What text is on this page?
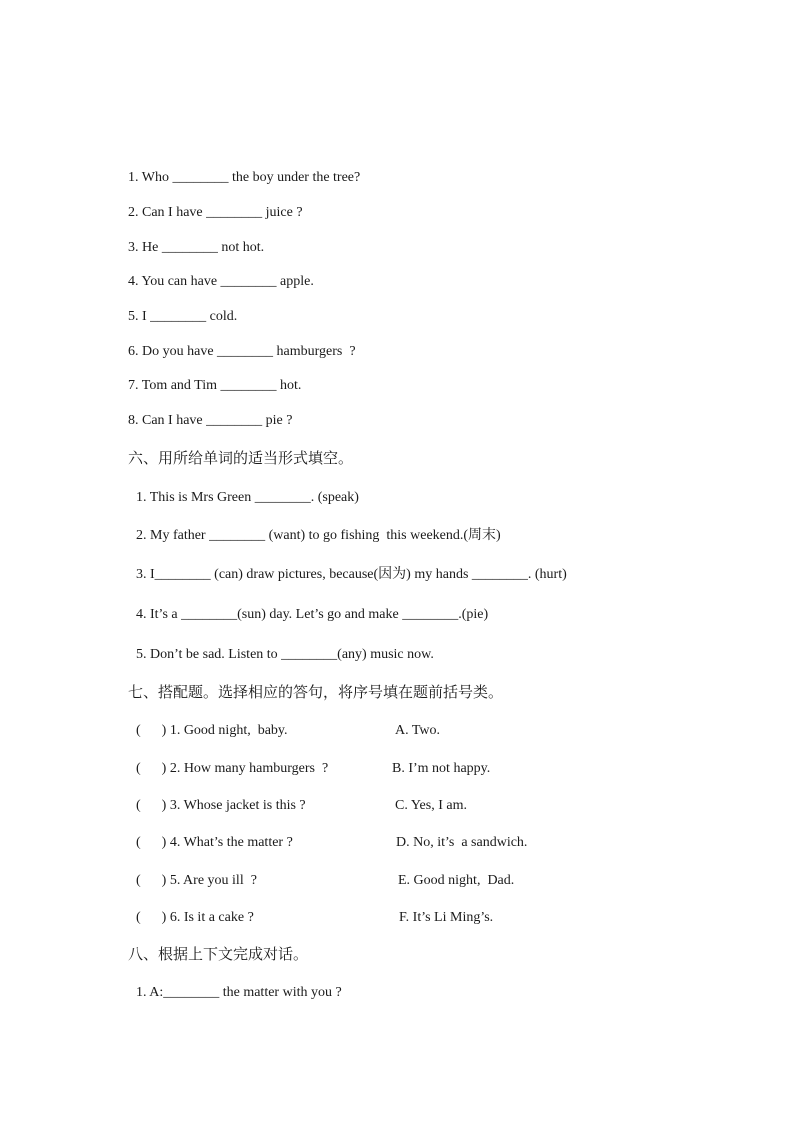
1. Who ________ the boy under the tree?
2. Can I have ________ juice ?
3. He ________ not hot.
4. You can have ________ apple.
5. I ________ cold.
6. Do you have ________ hamburgers  ?
7. Tom and Tim ________ hot.
8. Can I have ________ pie ?
六、用所给单词的适当形式填空。
1. This is Mrs Green ________. (speak)
2. My father ________ (want) to go fishing  this weekend.(周末)
3. I________ (can) draw pictures, because(因为) my hands ________. (hurt)
4. It’s a ________(sun) day. Let’s go and make ________.(pie)
5. Don’t be sad. Listen to ________(any) music now.
七、搭配题。选择相应的答句，将序号填在题前括号类。
(      ) 1. Good night,  baby.
(      ) 2. How many hamburgers  ?
(      ) 3. Whose jacket is this ?
(      ) 4. What’s the matter ?
(      ) 5. Are you ill  ?
(      ) 6. Is it a cake ?
A. Two.
B. I’m not happy.
C. Yes, I am.
D. No, it’s  a sandwich.
E. Good night,  Dad.
F. It’s Li Ming’s.
八、根据上下文完成对话。
1. A:________ the matter with you ?
